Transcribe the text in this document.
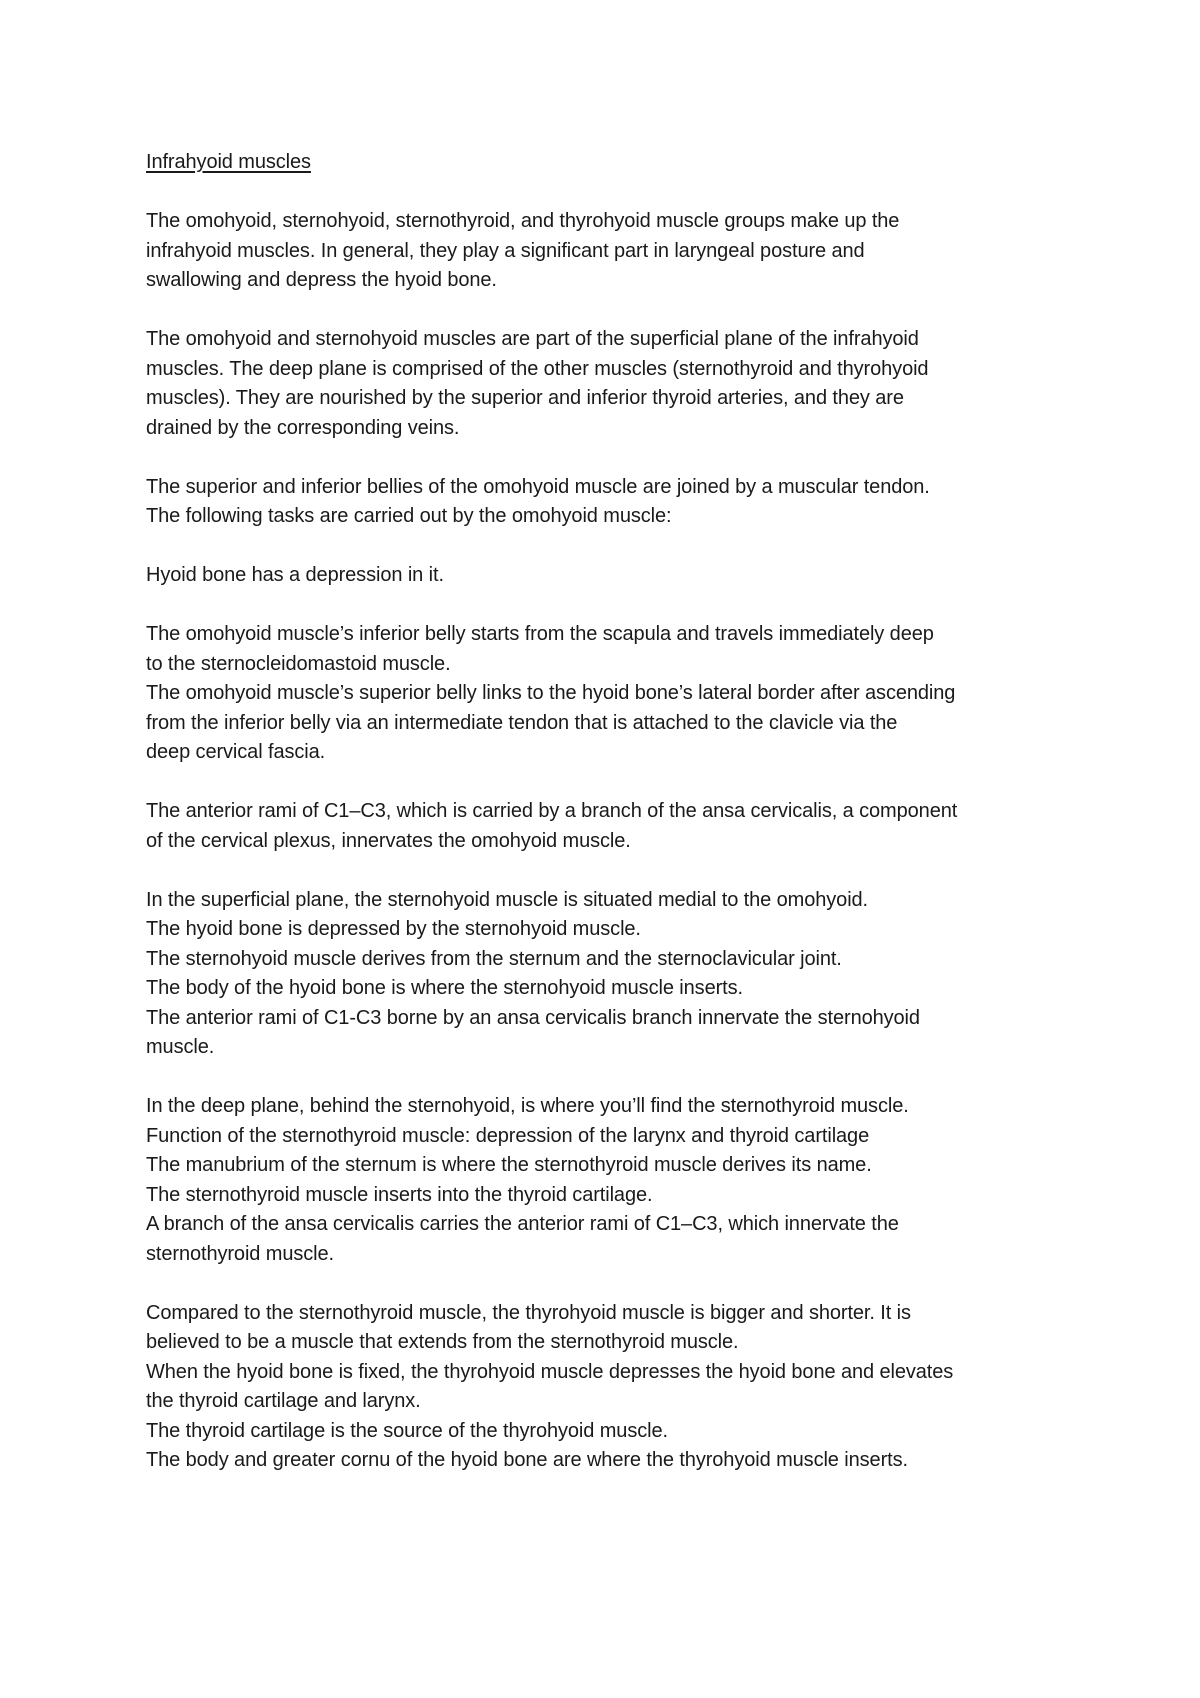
Infrahyoid muscles

The omohyoid, sternohyoid, sternothyroid, and thyrohyoid muscle groups make up the
infrahyoid muscles. In general, they play a significant part in laryngeal posture and
swallowing and depress the hyoid bone.

The omohyoid and sternohyoid muscles are part of the superficial plane of the infrahyoid
muscles. The deep plane is comprised of the other muscles (sternothyroid and thyrohyoid
muscles). They are nourished by the superior and inferior thyroid arteries, and they are
drained by the corresponding veins.

The superior and inferior bellies of the omohyoid muscle are joined by a muscular tendon.
The following tasks are carried out by the omohyoid muscle:

Hyoid bone has a depression in it.

The omohyoid muscle’s inferior belly starts from the scapula and travels immediately deep
to the sternocleidomastoid muscle.
The omohyoid muscle’s superior belly links to the hyoid bone’s lateral border after ascending
from the inferior belly via an intermediate tendon that is attached to the clavicle via the
deep cervical fascia.

The anterior rami of C1–C3, which is carried by a branch of the ansa cervicalis, a component
of the cervical plexus, innervates the omohyoid muscle.

In the superficial plane, the sternohyoid muscle is situated medial to the omohyoid.
The hyoid bone is depressed by the sternohyoid muscle.
The sternohyoid muscle derives from the sternum and the sternoclavicular joint.
The body of the hyoid bone is where the sternohyoid muscle inserts.
The anterior rami of C1-C3 borne by an ansa cervicalis branch innervate the sternohyoid
muscle.

In the deep plane, behind the sternohyoid, is where you’ll find the sternothyroid muscle.
Function of the sternothyroid muscle: depression of the larynx and thyroid cartilage
The manubrium of the sternum is where the sternothyroid muscle derives its name.
The sternothyroid muscle inserts into the thyroid cartilage.
A branch of the ansa cervicalis carries the anterior rami of C1–C3, which innervate the
sternothyroid muscle.

Compared to the sternothyroid muscle, the thyrohyoid muscle is bigger and shorter. It is
believed to be a muscle that extends from the sternothyroid muscle.
When the hyoid bone is fixed, the thyrohyoid muscle depresses the hyoid bone and elevates
the thyroid cartilage and larynx.
The thyroid cartilage is the source of the thyrohyoid muscle.
The body and greater cornu of the hyoid bone are where the thyrohyoid muscle inserts.
